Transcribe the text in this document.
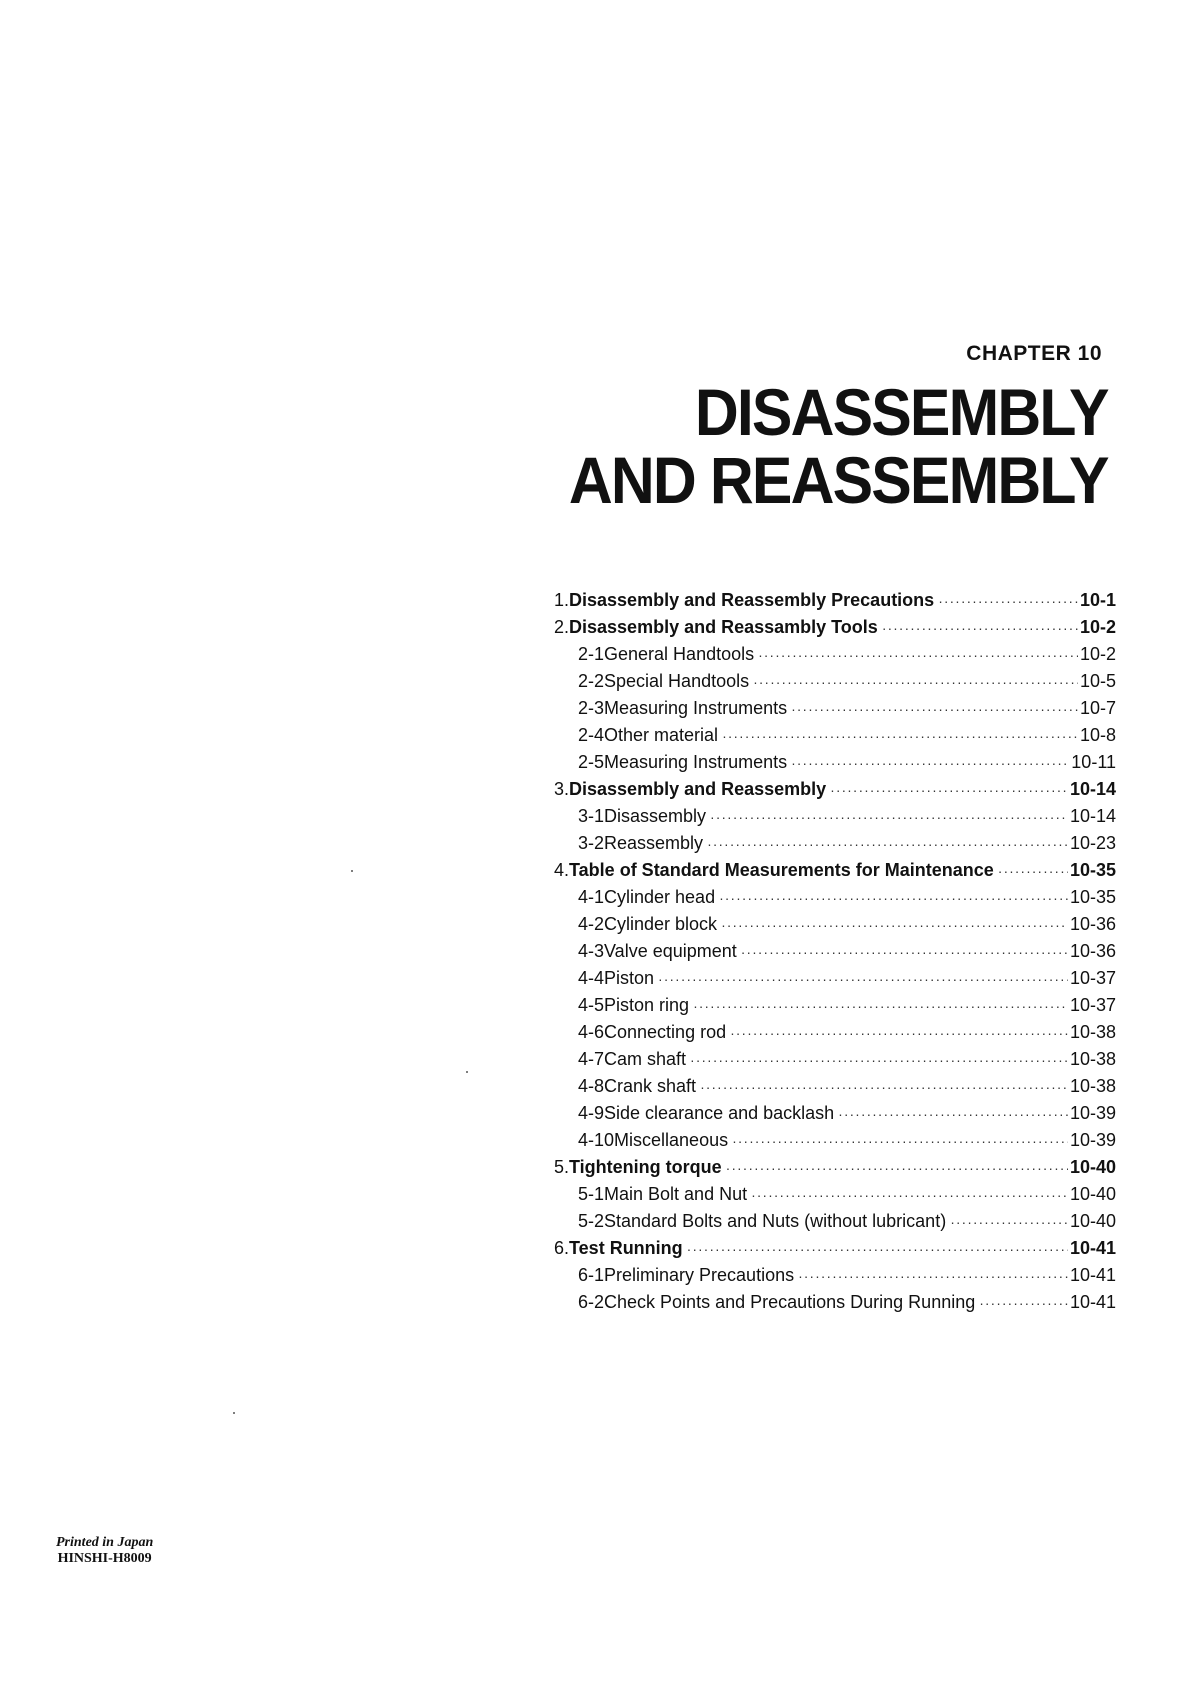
CHAPTER 10
DISASSEMBLY
AND REASSEMBLY
1. Disassembly and Reassembly Precautions ·····	10-1
2. Disassembly and Reassambly Tools ·····	10-2
2-1 General Handtools ·····	10-2
2-2 Special Handtools ·····	10-5
2-3 Measuring Instruments ·····	10-7
2-4 Other material ·····	10-8
2-5 Measuring Instruments ·····	10-11
3. Disassembly and Reassembly ·····	10-14
3-1 Disassembly ·····	10-14
3-2 Reassembly ·····	10-23
4. Table of Standard Measurements for Maintenance ·····	10-35
4-1 Cylinder head ·····	10-35
4-2 Cylinder block ·····	10-36
4-3 Valve equipment ·····	10-36
4-4 Piston ·····	10-37
4-5 Piston ring ·····	10-37
4-6 Connecting rod ·····	10-38
4-7 Cam shaft ·····	10-38
4-8 Crank shaft ·····	10-38
4-9 Side clearance and backlash ·····	10-39
4-10 Miscellaneous ·····	10-39
5. Tightening torque ·····	10-40
5-1 Main Bolt and Nut ·····	10-40
5-2 Standard Bolts and Nuts (without lubricant) ·····	10-40
6. Test Running ·····	10-41
6-1 Preliminary Precautions ·····	10-41
6-2 Check Points and Precautions During Running ·····	10-41
Printed in Japan
HINSHI-H8009
